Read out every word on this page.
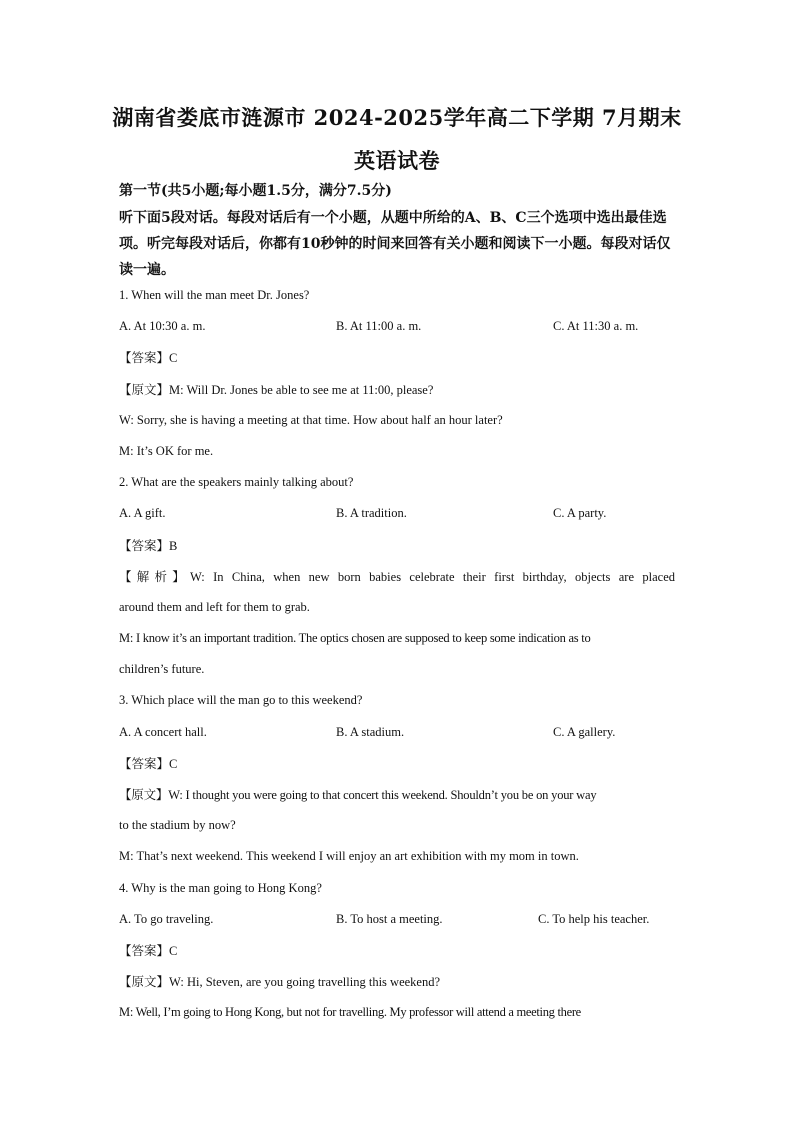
湖南省娄底市涟源市 2024-2025学年高二下学期 7月期末
英语试卷

第一节(共5小题;每小题1.5分，满分7.5分)

听下面5段对话。每段对话后有一个小题，从题中所给的A、B、C三个选项中选出最佳选项。听完每段对话后，你都有10秒钟的时间来回答有关小题和阅读下一小题。每段对话仅读一遍。

1. When will the man meet Dr. Jones?

A. At 10:30 a. m.	B. At 11:00 a. m.	C. At 11:30 a. m.

【答案】C

【原文】M: Will Dr. Jones be able to see me at 11:00, please?

W: Sorry, she is having a meeting at that time. How about half an hour later?

M: It’s OK for me.

2. What are the speakers mainly talking about?

A. A gift.	B. A tradition.	C. A party.

【答案】B

【解析】W: In China, when new born babies celebrate their first birthday, objects are placed

around them and left for them to grab.

M: I know it’s an important tradition. The optics chosen are supposed to keep some indication as to

children’s future.

3. Which place will the man go to this weekend?

A. A concert hall.	B. A stadium.	C. A gallery.

【答案】C

【原文】W: I thought you were going to that concert this weekend. Shouldn’t you be on your way

to the stadium by now?

M: That’s next weekend. This weekend I will enjoy an art exhibition with my mom in town.

4. Why is the man going to Hong Kong?

A. To go traveling.	B. To host a meeting.	C. To help his teacher.

【答案】C

【原文】W: Hi, Steven, are you going travelling this weekend?

M: Well, I’m going to Hong Kong, but not for travelling. My professor will attend a meeting there
